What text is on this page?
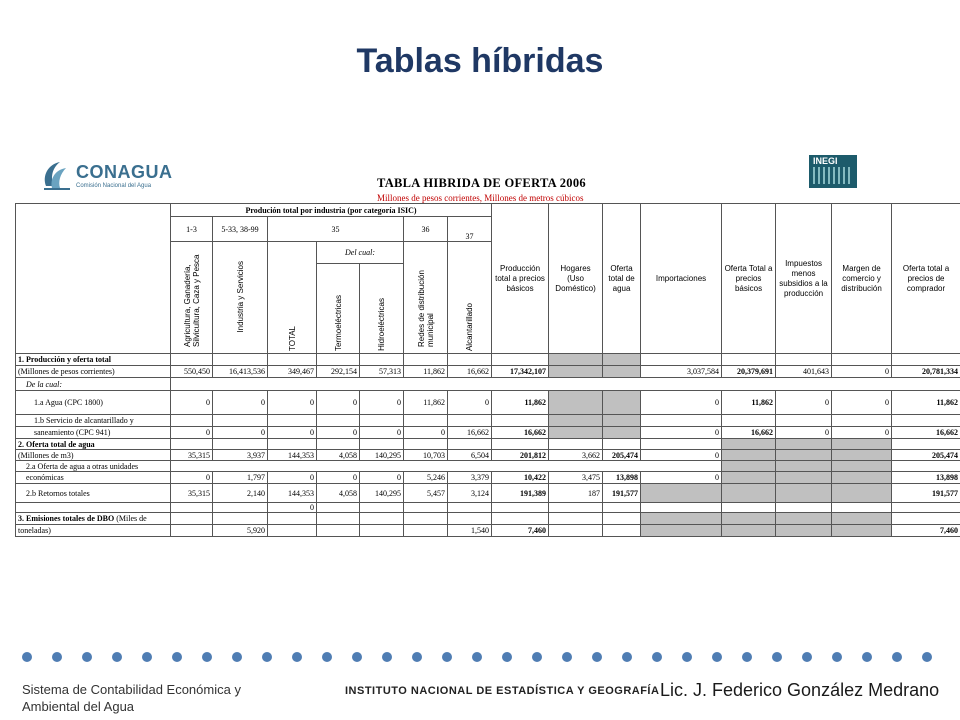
Tablas híbridas
CONAGUA
Comisión Nacional del Agua
INEGI
TABLA HIBRIDA DE OFERTA 2006
Millones de pesos corrientes, Millones de metros cúbicos
	Produción total por industria (por categoría ISIC)							Producción total a precios básicos	Hogares (Uso Doméstico)	Oferta total de agua	Importaciones	Oferta Total a precios básicos	Impuestos menos subsidios a la producción	Margen de comercio y distribución	Oferta total a precios de comprador
	1-3	5-33, 38-99	35			36	37								
	Agricultura, Ganadería, Silvicultura, Caza y Pesca	Industria y Servicios	TOTAL	Del cual:		Redes de distribución municipal	Alcantarillado								
				Termoeléctricas	Hidroeléctricas										
1. Producción y oferta total															
(Millones de pesos corrientes)	550,450	16,413,536	349,467	292,154	57,313	11,862	16,662	17,342,107			3,037,584	20,379,691	401,643	0	20,781,334
De la cual:															
1.a Agua (CPC 1800)	0	0	0	0	0	11,862	0	11,862			0	11,862	0	0	11,862
1.b Servicio de alcantarillado y															
saneamiento (CPC 941)	0	0	0	0	0	0	16,662	16,662			0	16,662	0	0	16,662
2. Oferta total de agua															
(Millones de m3)	35,315	3,937	144,353	4,058	140,295	10,703	6,504	201,812	3,662	205,474	0				205,474
2.a Oferta de agua a otras unidades															
económicas	0	1,797	0	0	0	5,246	3,379	10,422	3,475	13,898	0				13,898
2.b Retornos totales	35,315	2,140	144,353	4,058	140,295	5,457	3,124	191,389	187	191,577					191,577
			0												
3. Emisiones totales de DBO (Miles de															
toneladas)		5,920					1,540	7,460							7,460
Sistema de Contabilidad Económica y
Ambiental del Agua
INSTITUTO NACIONAL DE ESTADÍSTICA Y GEOGRAFÍA Lic. J. Federico González Medrano
